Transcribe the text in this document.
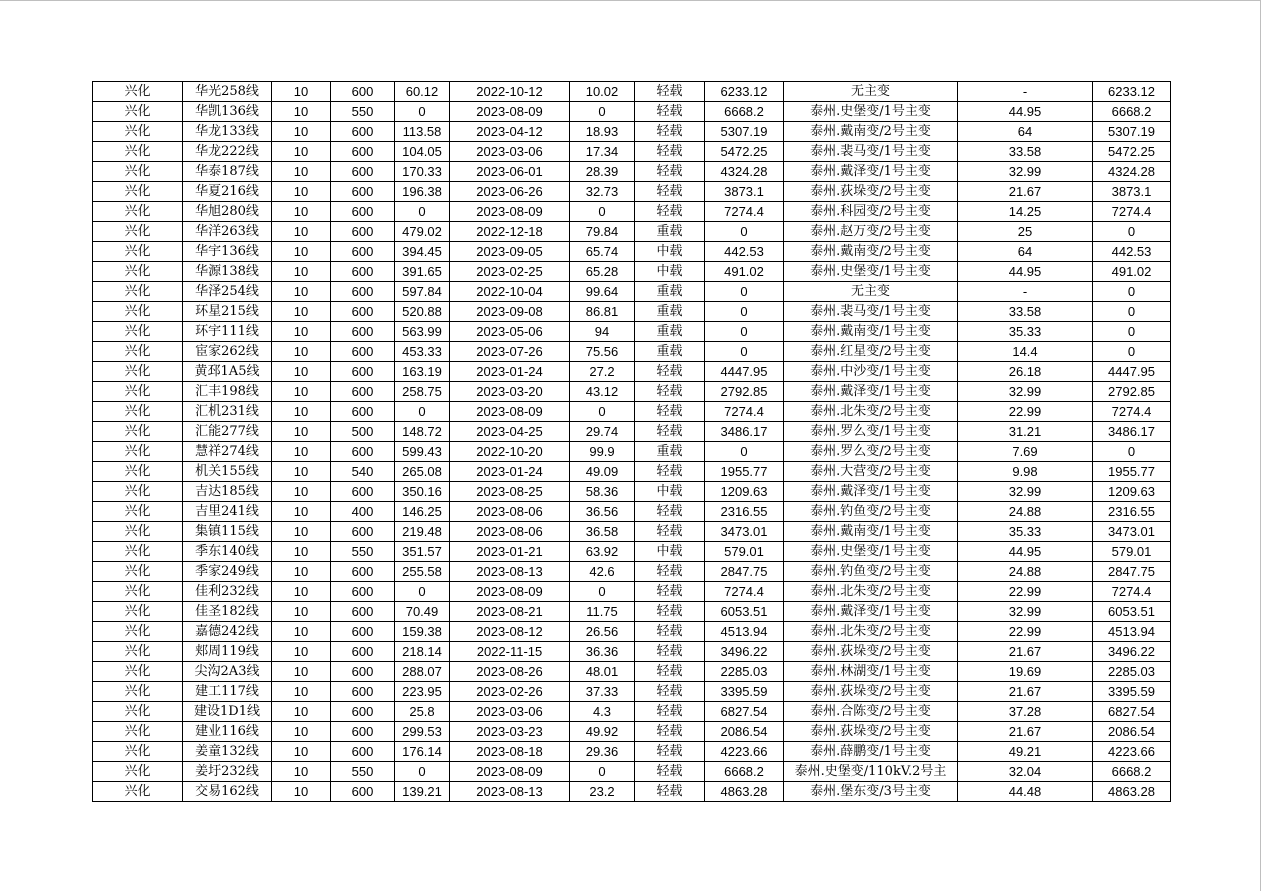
兴化	华光258线	10	600	60.12	2022-10-12	10.02	轻载	6233.12	无主变	-	6233.12
兴化	华凯136线	10	550	0	2023-08-09	0	轻载	6668.2	泰州.史堡变/1号主变	44.95	6668.2
兴化	华龙133线	10	600	113.58	2023-04-12	18.93	轻载	5307.19	泰州.戴南变/2号主变	64	5307.19
兴化	华龙222线	10	600	104.05	2023-03-06	17.34	轻载	5472.25	泰州.裴马变/1号主变	33.58	5472.25
兴化	华泰187线	10	600	170.33	2023-06-01	28.39	轻载	4324.28	泰州.戴泽变/1号主变	32.99	4324.28
兴化	华夏216线	10	600	196.38	2023-06-26	32.73	轻载	3873.1	泰州.荻垛变/2号主变	21.67	3873.1
兴化	华旭280线	10	600	0	2023-08-09	0	轻载	7274.4	泰州.科园变/2号主变	14.25	7274.4
兴化	华洋263线	10	600	479.02	2022-12-18	79.84	重载	0	泰州.赵万变/2号主变	25	0
兴化	华宇136线	10	600	394.45	2023-09-05	65.74	中载	442.53	泰州.戴南变/2号主变	64	442.53
兴化	华源138线	10	600	391.65	2023-02-25	65.28	中载	491.02	泰州.史堡变/1号主变	44.95	491.02
兴化	华泽254线	10	600	597.84	2022-10-04	99.64	重载	0	无主变	-	0
兴化	环星215线	10	600	520.88	2023-09-08	86.81	重载	0	泰州.裴马变/1号主变	33.58	0
兴化	环宇111线	10	600	563.99	2023-05-06	94	重载	0	泰州.戴南变/1号主变	35.33	0
兴化	宦家262线	10	600	453.33	2023-07-26	75.56	重载	0	泰州.红星变/2号主变	14.4	0
兴化	黄邳1A5线	10	600	163.19	2023-01-24	27.2	轻载	4447.95	泰州.中沙变/1号主变	26.18	4447.95
兴化	汇丰198线	10	600	258.75	2023-03-20	43.12	轻载	2792.85	泰州.戴泽变/1号主变	32.99	2792.85
兴化	汇机231线	10	600	0	2023-08-09	0	轻载	7274.4	泰州.北朱变/2号主变	22.99	7274.4
兴化	汇能277线	10	500	148.72	2023-04-25	29.74	轻载	3486.17	泰州.罗么变/1号主变	31.21	3486.17
兴化	慧祥274线	10	600	599.43	2022-10-20	99.9	重载	0	泰州.罗么变/2号主变	7.69	0
兴化	机关155线	10	540	265.08	2023-01-24	49.09	轻载	1955.77	泰州.大营变/2号主变	9.98	1955.77
兴化	吉达185线	10	600	350.16	2023-08-25	58.36	中载	1209.63	泰州.戴泽变/1号主变	32.99	1209.63
兴化	吉里241线	10	400	146.25	2023-08-06	36.56	轻载	2316.55	泰州.钓鱼变/2号主变	24.88	2316.55
兴化	集镇115线	10	600	219.48	2023-08-06	36.58	轻载	3473.01	泰州.戴南变/1号主变	35.33	3473.01
兴化	季东140线	10	550	351.57	2023-01-21	63.92	中载	579.01	泰州.史堡变/1号主变	44.95	579.01
兴化	季家249线	10	600	255.58	2023-08-13	42.6	轻载	2847.75	泰州.钓鱼变/2号主变	24.88	2847.75
兴化	佳利232线	10	600	0	2023-08-09	0	轻载	7274.4	泰州.北朱变/2号主变	22.99	7274.4
兴化	佳圣182线	10	600	70.49	2023-08-21	11.75	轻载	6053.51	泰州.戴泽变/1号主变	32.99	6053.51
兴化	嘉德242线	10	600	159.38	2023-08-12	26.56	轻载	4513.94	泰州.北朱变/2号主变	22.99	4513.94
兴化	郏周119线	10	600	218.14	2022-11-15	36.36	轻载	3496.22	泰州.荻垛变/2号主变	21.67	3496.22
兴化	尖沟2A3线	10	600	288.07	2023-08-26	48.01	轻载	2285.03	泰州.林湖变/1号主变	19.69	2285.03
兴化	建工117线	10	600	223.95	2023-02-26	37.33	轻载	3395.59	泰州.荻垛变/2号主变	21.67	3395.59
兴化	建设1D1线	10	600	25.8	2023-03-06	4.3	轻载	6827.54	泰州.合陈变/2号主变	37.28	6827.54
兴化	建业116线	10	600	299.53	2023-03-23	49.92	轻载	2086.54	泰州.荻垛变/2号主变	21.67	2086.54
兴化	姜童132线	10	600	176.14	2023-08-18	29.36	轻载	4223.66	泰州.薛鹏变/1号主变	49.21	4223.66
兴化	姜圩232线	10	550	0	2023-08-09	0	轻载	6668.2	泰州.史堡变/110kV.2号主	32.04	6668.2
兴化	交易162线	10	600	139.21	2023-08-13	23.2	轻载	4863.28	泰州.堡东变/3号主变	44.48	4863.28
